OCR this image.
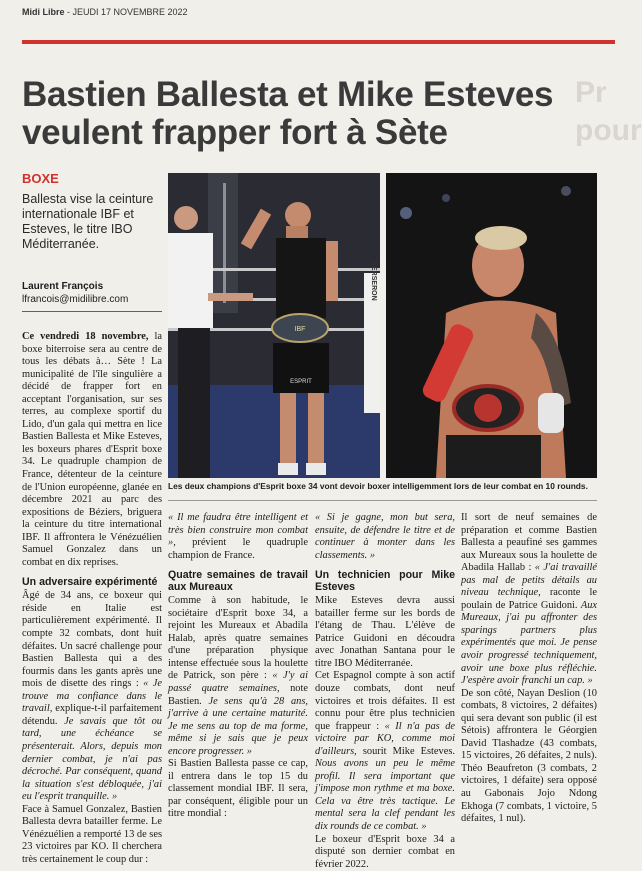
Midi Libre - JEUDI 17 NOVEMBRE 2022
Bastien Ballesta et Mike Esteves veulent frapper fort à Sète
Pr
pour
BOXE
Ballesta vise la ceinture internationale IBF et Esteves, le titre IBO Méditerranée.
Laurent François
lfrancois@midilibre.com	VERSERON
IBF
ESPRIT
Les deux champions d'Esprit boxe 34 vont devoir boxer intelligemment lors de leur combat en 10 rounds.

Ce vendredi 18 novembre, la boxe biterroise sera au centre de tous les débats à… Sète ! La municipalité de l'île singulière a décidé de frapper fort en acceptant l'organisation, sur ses terres, au complexe sportif du Lido, d'un gala qui mettra en lice Bastien Ballesta et Mike Esteves, les boxeurs phares d'Esprit boxe 34. Le quadruple champion de France, détenteur de la ceinture de l'Union européenne, glanée en décembre 2021 au parc des expositions de Béziers, briguera la ceinture du titre international IBF. Il affrontera le Vénézuélien Samuel Gonzalez dans un combat en dix reprises.

Un adversaire expérimenté

Âgé de 34 ans, ce boxeur qui réside en Italie est particulièrement expérimenté. Il compte 32 combats, dont huit défaites. Un sacré challenge pour Bastien Ballesta qui a des fourmis dans les gants après une mois de disette des rings : « Je trouve ma confiance dans le travail, explique-t-il parfaitement détendu. Je savais que tôt ou tard, une échéance se présenterait. Alors, depuis mon dernier combat, je n'ai pas décroché. Par conséquent, quand la situation s'est débloquée, j'ai eu l'esprit tranquille. »

Face à Samuel Gonzalez, Bastien Ballesta devra batailler ferme. Le Vénézuélien a remporté 13 de ses 23 victoires par KO. Il cherchera très certainement le coup dur :

« Il me faudra être intelligent et très bien construire mon combat », prévient le quadruple champion de France.

Quatre semaines de travail aux Mureaux

Comme à son habitude, le sociétaire d'Esprit boxe 34, a rejoint les Mureaux et Abadila Halab, après quatre semaines d'une préparation physique intense effectuée sous la houlette de Patrick, son père : « J'y ai passé quatre semaines, note Bastien. Je sens qu'à 28 ans, j'arrive à une certaine maturité. Je me sens au top de ma forme, même si je sais que je peux encore progresser. »

Si Bastien Ballesta passe ce cap, il entrera dans le top 15 du classement mondial IBF. Il sera, par conséquent, éligible pour un titre mondial :

« Si je gagne, mon but sera, ensuite, de défendre le titre et de continuer à monter dans les classements. »

Un technicien pour Mike Esteves

Mike Esteves devra aussi batailler ferme sur les bords de l'étang de Thau. L'élève de Patrice Guidoni en découdra avec Jonathan Santana pour le titre IBO Méditerranée.

Cet Espagnol compte à son actif douze combats, dont neuf victoires et trois défaites. Il est connu pour être plus technicien que frappeur : « Il n'a pas de victoire par KO, comme moi d'ailleurs, sourit Mike Esteves. Nous avons un peu le même profil. Il sera important que j'impose mon rythme et ma boxe. Cela va être très tactique. Le mental sera la clef pendant les dix rounds de ce combat. »

Le boxeur d'Esprit boxe 34 a disputé son dernier combat en février 2022.

Il sort de neuf semaines de préparation et comme Bastien Ballesta a peaufiné ses gammes aux Mureaux sous la houlette de Abadila Hallab : « J'ai travaillé pas mal de petits détails au niveau technique, raconte le poulain de Patrice Guidoni. Aux Mureaux, j'ai pu affronter des sparings partners plus expérimentés que moi. Je pense avoir progressé techniquement, avoir une boxe plus réfléchie. J'espère avoir franchi un cap. »

De son côté, Nayan Deslion (10 combats, 8 victoires, 2 défaites) qui sera devant son public (il est Sétois) affrontera le Géorgien David Tlashadze (43 combats, 15 victoires, 26 défaites, 2 nuls). Théo Beaufreton (3 combats, 2 victoires, 1 défaite) sera opposé au Gabonais Jojo Ndong Ekhoga (7 combats, 1 victoire, 5 défaites, 1 nul).
